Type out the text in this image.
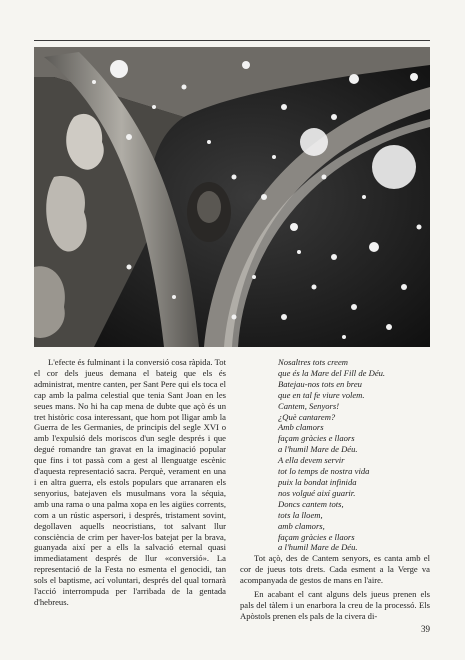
L'efecte és fulminant i la conversió cosa ràpida. Tot el cor dels jueus demana el bateig que els és administrat, mentre canten, per Sant Pere qui els toca el cap amb la palma celestial que tenia Sant Joan en les seues mans. No hi ha cap mena de dubte que açò és un tret històric cosa interessant, que hom pot lligar amb la Guerra de les Germanies, de principis del segle XVI o amb l'expulsió dels moriscos d'un segle després i que degué romandre tan gravat en la imaginació popular que fins i tot passà com a gest al llenguatge escènic d'aquesta representació sacra. Perquè, verament en una i en altra guerra, els estols populars que arranaren els senyorius, batejaven els musulmans vora la séquia, amb una rama o una palma xopa en les aigües corrents, com a un rústic aspersori, i després, tristament sovint, degollaven aquells neocristians, tot salvant llur consciència de crim per haver-los batejat per la brava, guanyada així per a ells la salvació eternal quasi immediatament després de llur «conversió». La representació de la Festa no esmenta el genocidi, tan sols el baptisme, ací voluntari, després del qual tornarà l'acció interrompuda per l'arribada de la gentada d'hebreus.

Nosaltres tots creem
que és la Mare del Fill de Déu.
Batejau-nos tots en breu
que en tal fe viure volem.
Cantem, Senyors!
¿Què cantarem?
Amb clamors
façam gràcies e llaors
a l'humil Mare de Déu.
A ella devem servir
tot lo temps de nostra vida
puix la bondat infinida
nos volgué així guarir.
Doncs cantem tots,
tots la lloem,
amb clamors,
façam gràcies e llaors
a l'humil Mare de Déu.

Tot açò, des de Cantem senyors, es canta amb el cor de jueus tots drets. Cada esment a la Verge va acompanyada de gestos de mans en l'aire.

En acabant el cant alguns dels jueus prenen els pals del tàlem i un enarbora la creu de la processó. Els Apòstols prenen els pals de la civera di-

39
